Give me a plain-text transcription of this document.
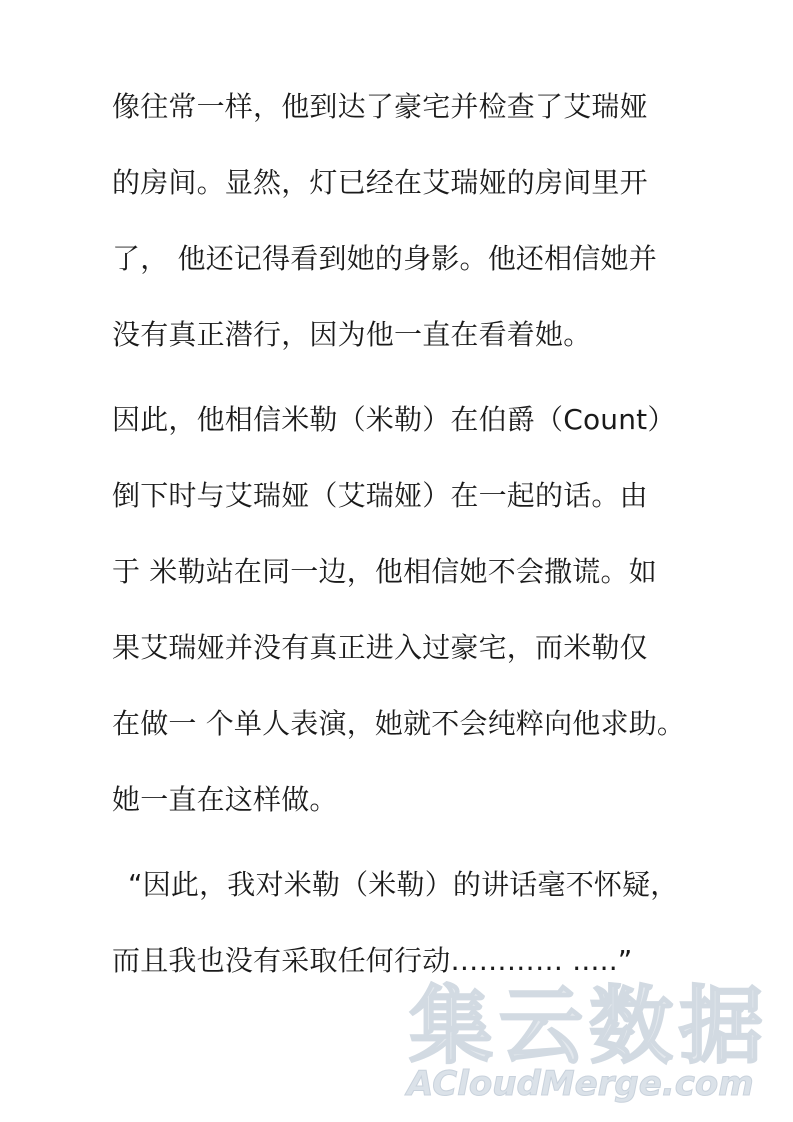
像往常一样，他到达了豪宅并检查了艾瑞娅
的房间。显然，灯已经在艾瑞娅的房间里开
了， 他还记得看到她的身影。他还相信她并
没有真正潜行，因为他一直在看着她。
因此，他相信米勒（米勒）在伯爵（Count）
倒下时与艾瑞娅（艾瑞娅）在一起的话。由
于 米勒站在同一边，他相信她不会撒谎。如
果艾瑞娅并没有真正进入过豪宅，而米勒仅
在做一 个单人表演，她就不会纯粹向他求助。
她一直在这样做。
“因此，我对米勒（米勒）的讲话毫不怀疑，
而且我也没有采取任何行动………… .....”
集云数据
ACloudMerge.com
